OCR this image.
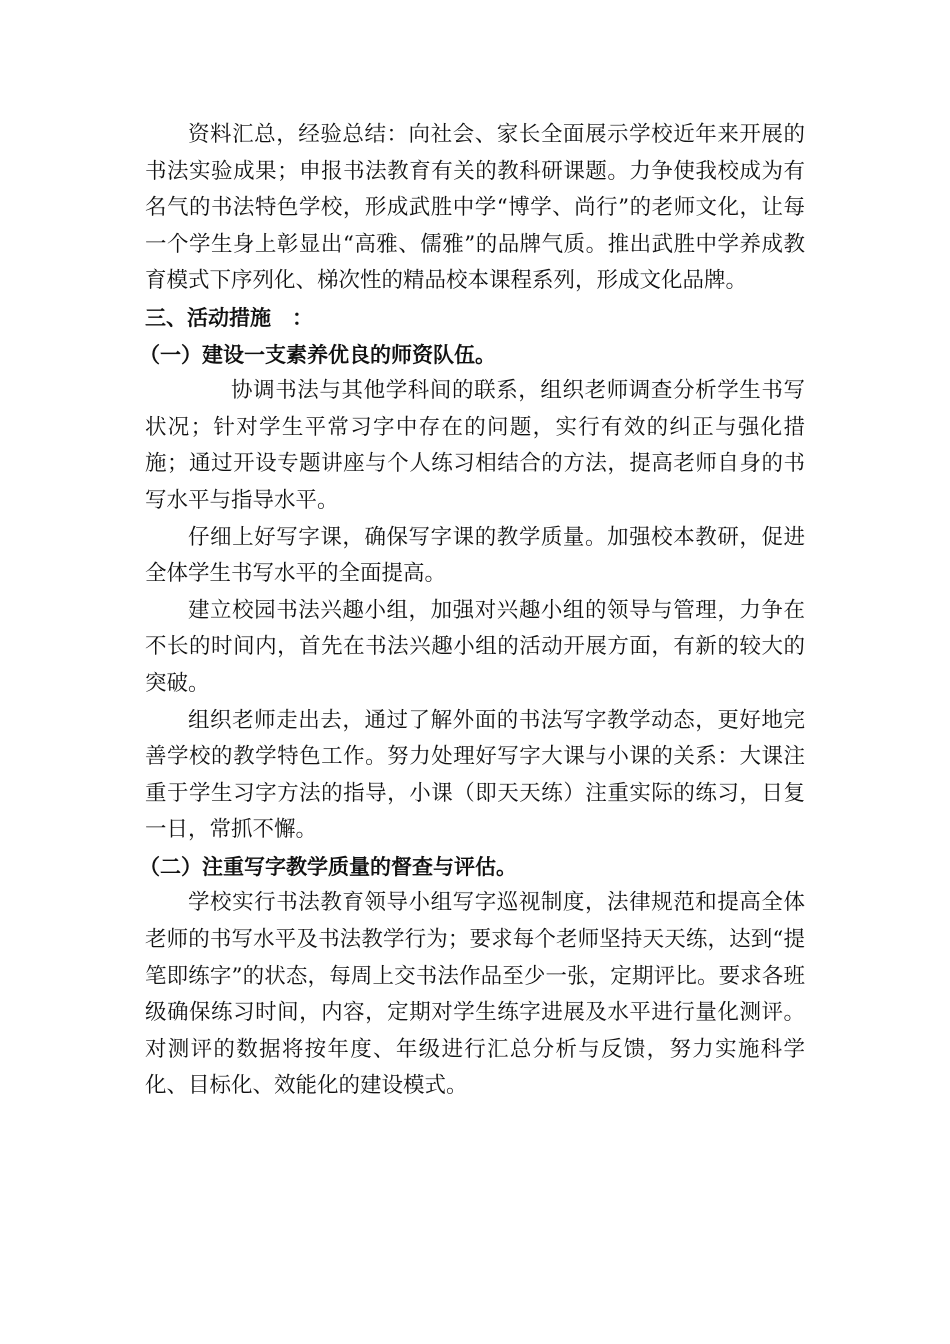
资料汇总，经验总结：向社会、家长全面展示学校近年来开展的书法实验成果；申报书法教育有关的教科研课题。力争使我校成为有名气的书法特色学校，形成武胜中学“博学、尚行”的老师文化，让每一个学生身上彰显出“高雅、儒雅”的品牌气质。推出武胜中学养成教育模式下序列化、梯次性的精品校本课程系列，形成文化品牌。

三、活动措施　：
（一）建设一支素养优良的师资队伍。

协调书法与其他学科间的联系，组织老师调查分析学生书写状况；针对学生平常习字中存在的问题，实行有效的纠正与强化措施；通过开设专题讲座与个人练习相结合的方法，提高老师自身的书写水平与指导水平。

仔细上好写字课，确保写字课的教学质量。加强校本教研，促进全体学生书写水平的全面提高。

建立校园书法兴趣小组，加强对兴趣小组的领导与管理，力争在不长的时间内，首先在书法兴趣小组的活动开展方面，有新的较大的突破。

组织老师走出去，通过了解外面的书法写字教学动态，更好地完善学校的教学特色工作。努力处理好写字大课与小课的关系：大课注重于学生习字方法的指导，小课（即天天练）注重实际的练习，日复一日，常抓不懈。

（二）注重写字教学质量的督查与评估。

学校实行书法教育领导小组写字巡视制度，法律规范和提高全体老师的书写水平及书法教学行为；要求每个老师坚持天天练，达到“提笔即练字”的状态，每周上交书法作品至少一张，定期评比。要求各班级确保练习时间，内容，定期对学生练字进展及水平进行量化测评。对测评的数据将按年度、年级进行汇总分析与反馈，努力实施科学化、目标化、效能化的建设模式。
